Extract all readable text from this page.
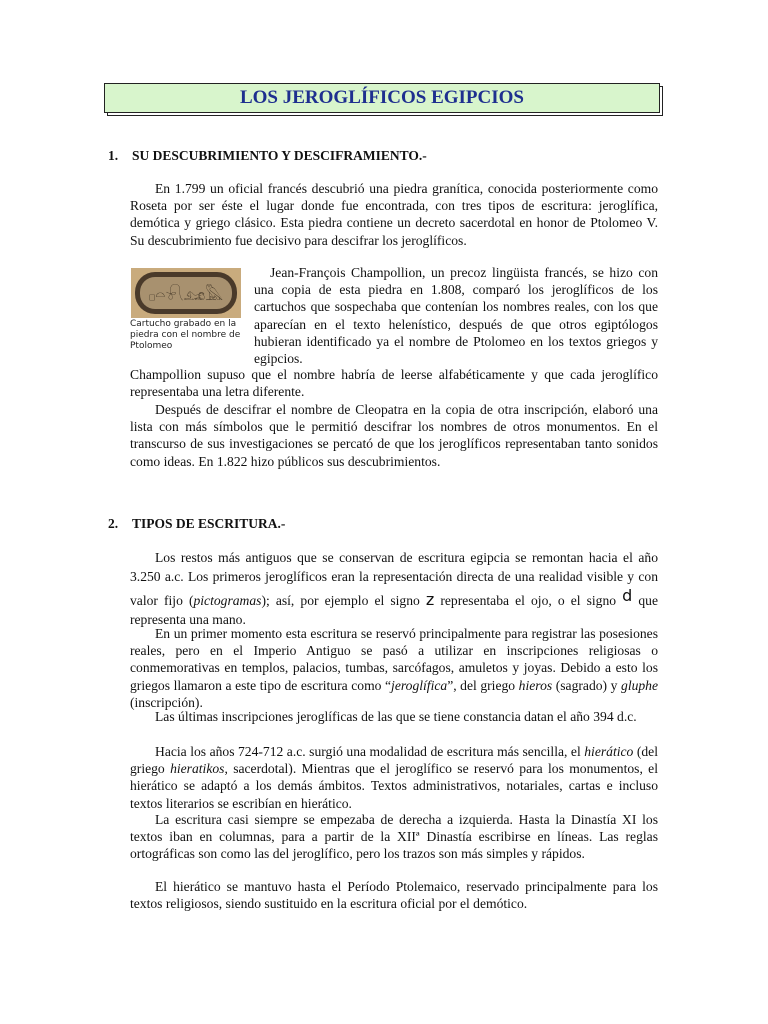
LOS JEROGLÍFICOS EGIPCIOS
1. SU DESCUBRIMIENTO Y DESCIFRAMIENTO.-
En 1.799 un oficial francés descubrió una piedra granítica, conocida posteriormente como Roseta por ser éste el lugar donde fue encontrada, con tres tipos de escritura: jeroglífica, demótica y griego clásico. Esta piedra contiene un decreto sacerdotal en honor de Ptolomeo V. Su descubrimiento fue decisivo para descifrar los jeroglíficos.
𓊪𓏏𓍯𓃭𓅓
Cartucho grabado en la piedra con el nombre de Ptolomeo
Jean-François Champollion, un precoz lingüista francés, se hizo con una copia de esta piedra en 1.808, comparó los jeroglíficos de los cartuchos que sospechaba que contenían los nombres reales, con los que aparecían en el texto helenístico, después de que otros egiptólogos hubieran identificado ya el nombre de Ptolomeo en los textos griegos y egipcios.
Champollion supuso que el nombre habría de leerse alfabéticamente y que cada jeroglífico representaba una letra diferente.
Después de descifrar el nombre de Cleopatra en la copia de otra inscripción, elaboró una lista con más símbolos que le permitió descifrar los nombres de otros monumentos. En el transcurso de sus investigaciones se percató de que los jeroglíficos representaban tanto sonidos como ideas. En 1.822 hizo públicos sus descubrimientos.
2. TIPOS DE ESCRITURA.-
Los restos más antiguos que se conservan de escritura egipcia se remontan hacia el año 3.250 a.c. Los primeros jeroglíficos eran la representación directa de una realidad visible y con valor fijo (pictogramas); así, por ejemplo el signo z representaba el ojo, o el signo d que representa una mano.
En un primer momento esta escritura se reservó principalmente para registrar las posesiones reales, pero en el Imperio Antiguo se pasó a utilizar en inscripciones religiosas o conmemorativas en templos, palacios, tumbas, sarcófagos, amuletos y joyas. Debido a esto los griegos llamaron a este tipo de escritura como “jeroglífica”, del griego hieros (sagrado) y gluphe (inscripción).
Las últimas inscripciones jeroglíficas de las que se tiene constancia datan el año 394 d.c.
Hacia los años 724-712 a.c. surgió una modalidad de escritura más sencilla, el hierático (del griego hieratikos, sacerdotal). Mientras que el jeroglífico se reservó para los monumentos, el hierático se adaptó a los demás ámbitos. Textos administrativos, notariales, cartas e incluso textos literarios se escribían en hierático.
La escritura casi siempre se empezaba de derecha a izquierda. Hasta la Dinastía XI los textos iban en columnas, para a partir de la XIIª Dinastía escribirse en líneas. Las reglas ortográficas son como las del jeroglífico, pero los trazos son más simples y rápidos.
El hierático se mantuvo hasta el Período Ptolemaico, reservado principalmente para los textos religiosos, siendo sustituido en la escritura oficial por el demótico.
